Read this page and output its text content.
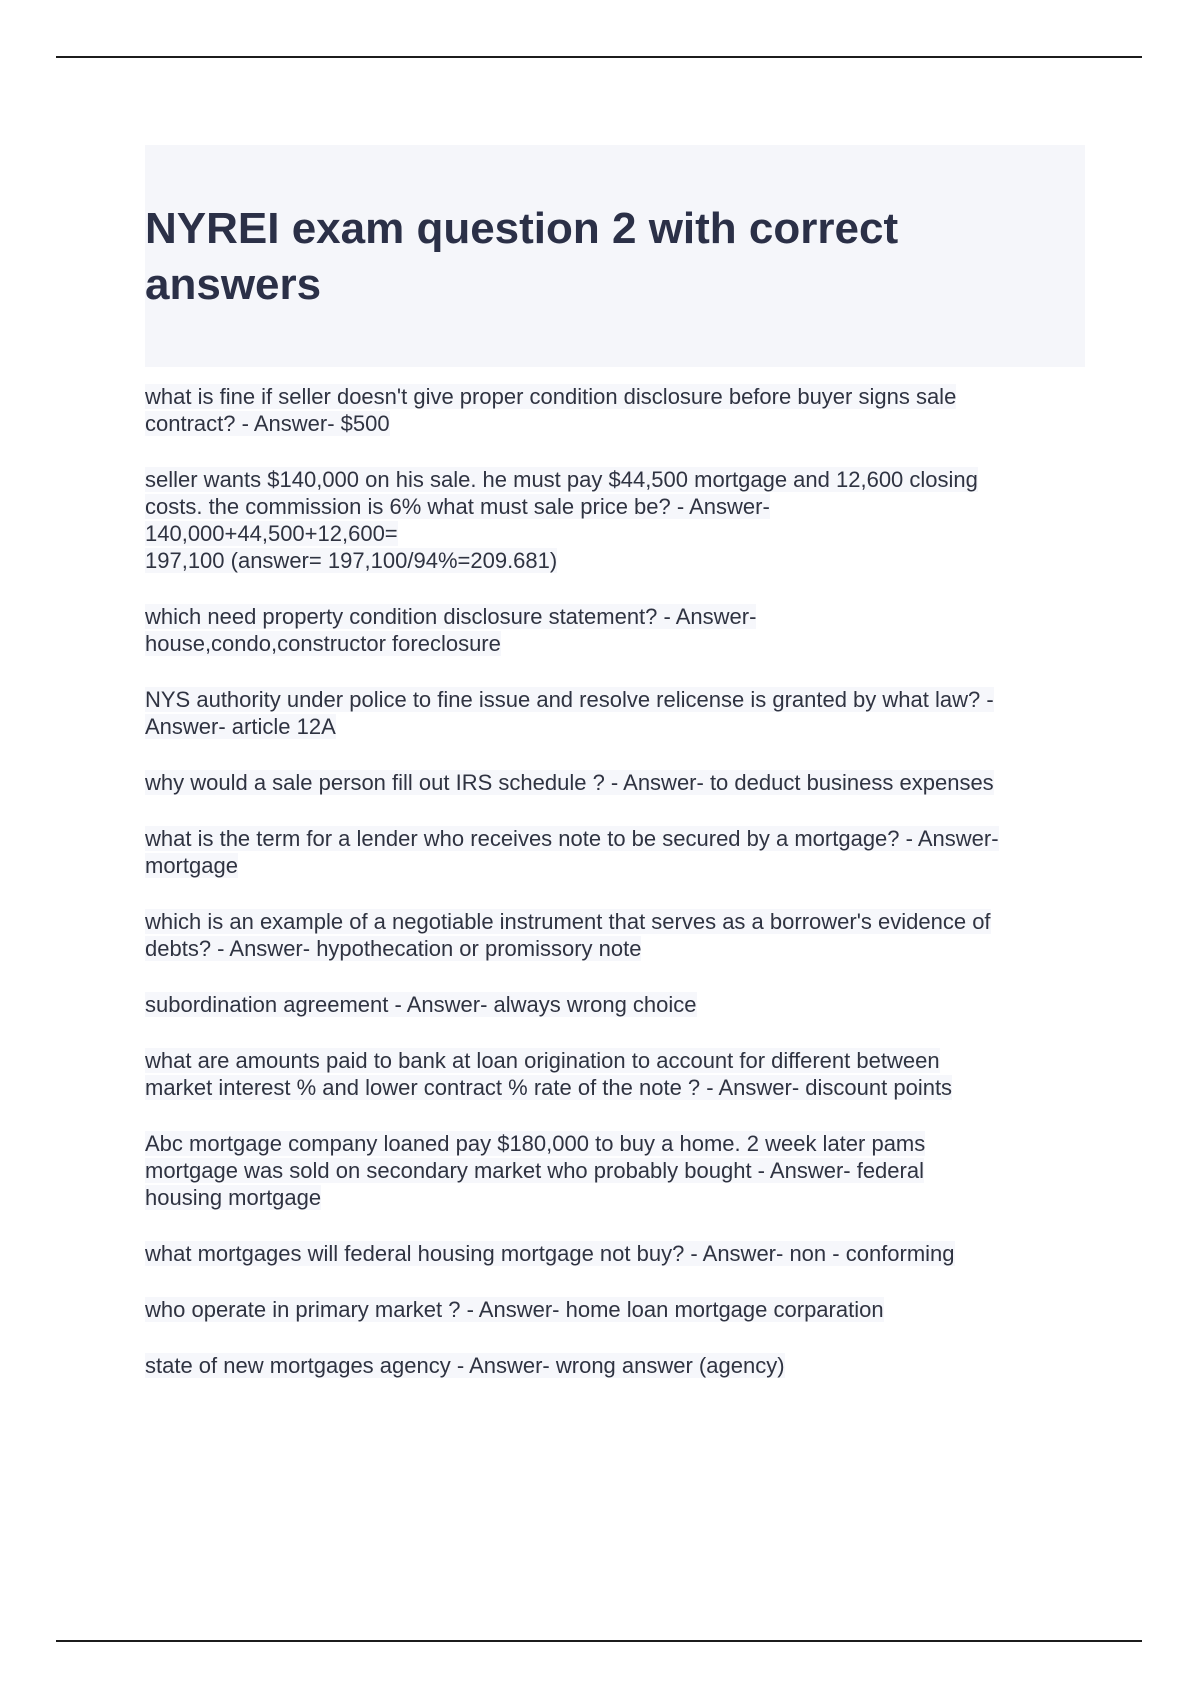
NYREI exam question 2 with correct answers

what is fine if seller doesn't give proper condition disclosure before buyer signs sale
contract? - Answer- $500

seller wants $140,000 on his sale. he must pay $44,500 mortgage and 12,600 closing
costs. the commission is 6% what must sale price be? - Answer-
140,000+44,500+12,600=
197,100 (answer= 197,100/94%=209.681)

which need property condition disclosure statement? - Answer-
house,condo,constructor foreclosure

NYS authority under police to fine issue and resolve relicense is granted by what law? -
Answer- article 12A

why would a sale person fill out IRS schedule ? - Answer- to deduct business expenses

what is the term for a lender who receives note to be secured by a mortgage? - Answer-
mortgage

which is an example of a negotiable instrument that serves as a borrower's evidence of
debts? - Answer- hypothecation or promissory note

subordination agreement - Answer- always wrong choice

what are amounts paid to bank at loan origination to account for different between
market interest % and lower contract % rate of the note ? - Answer- discount points

Abc mortgage company loaned pay $180,000 to buy a home. 2 week later pams
mortgage was sold on secondary market who probably bought - Answer- federal
housing mortgage

what mortgages will federal housing mortgage not buy? - Answer- non - conforming

who operate in primary market ? - Answer- home loan mortgage corparation

state of new mortgages agency - Answer- wrong answer (agency)
